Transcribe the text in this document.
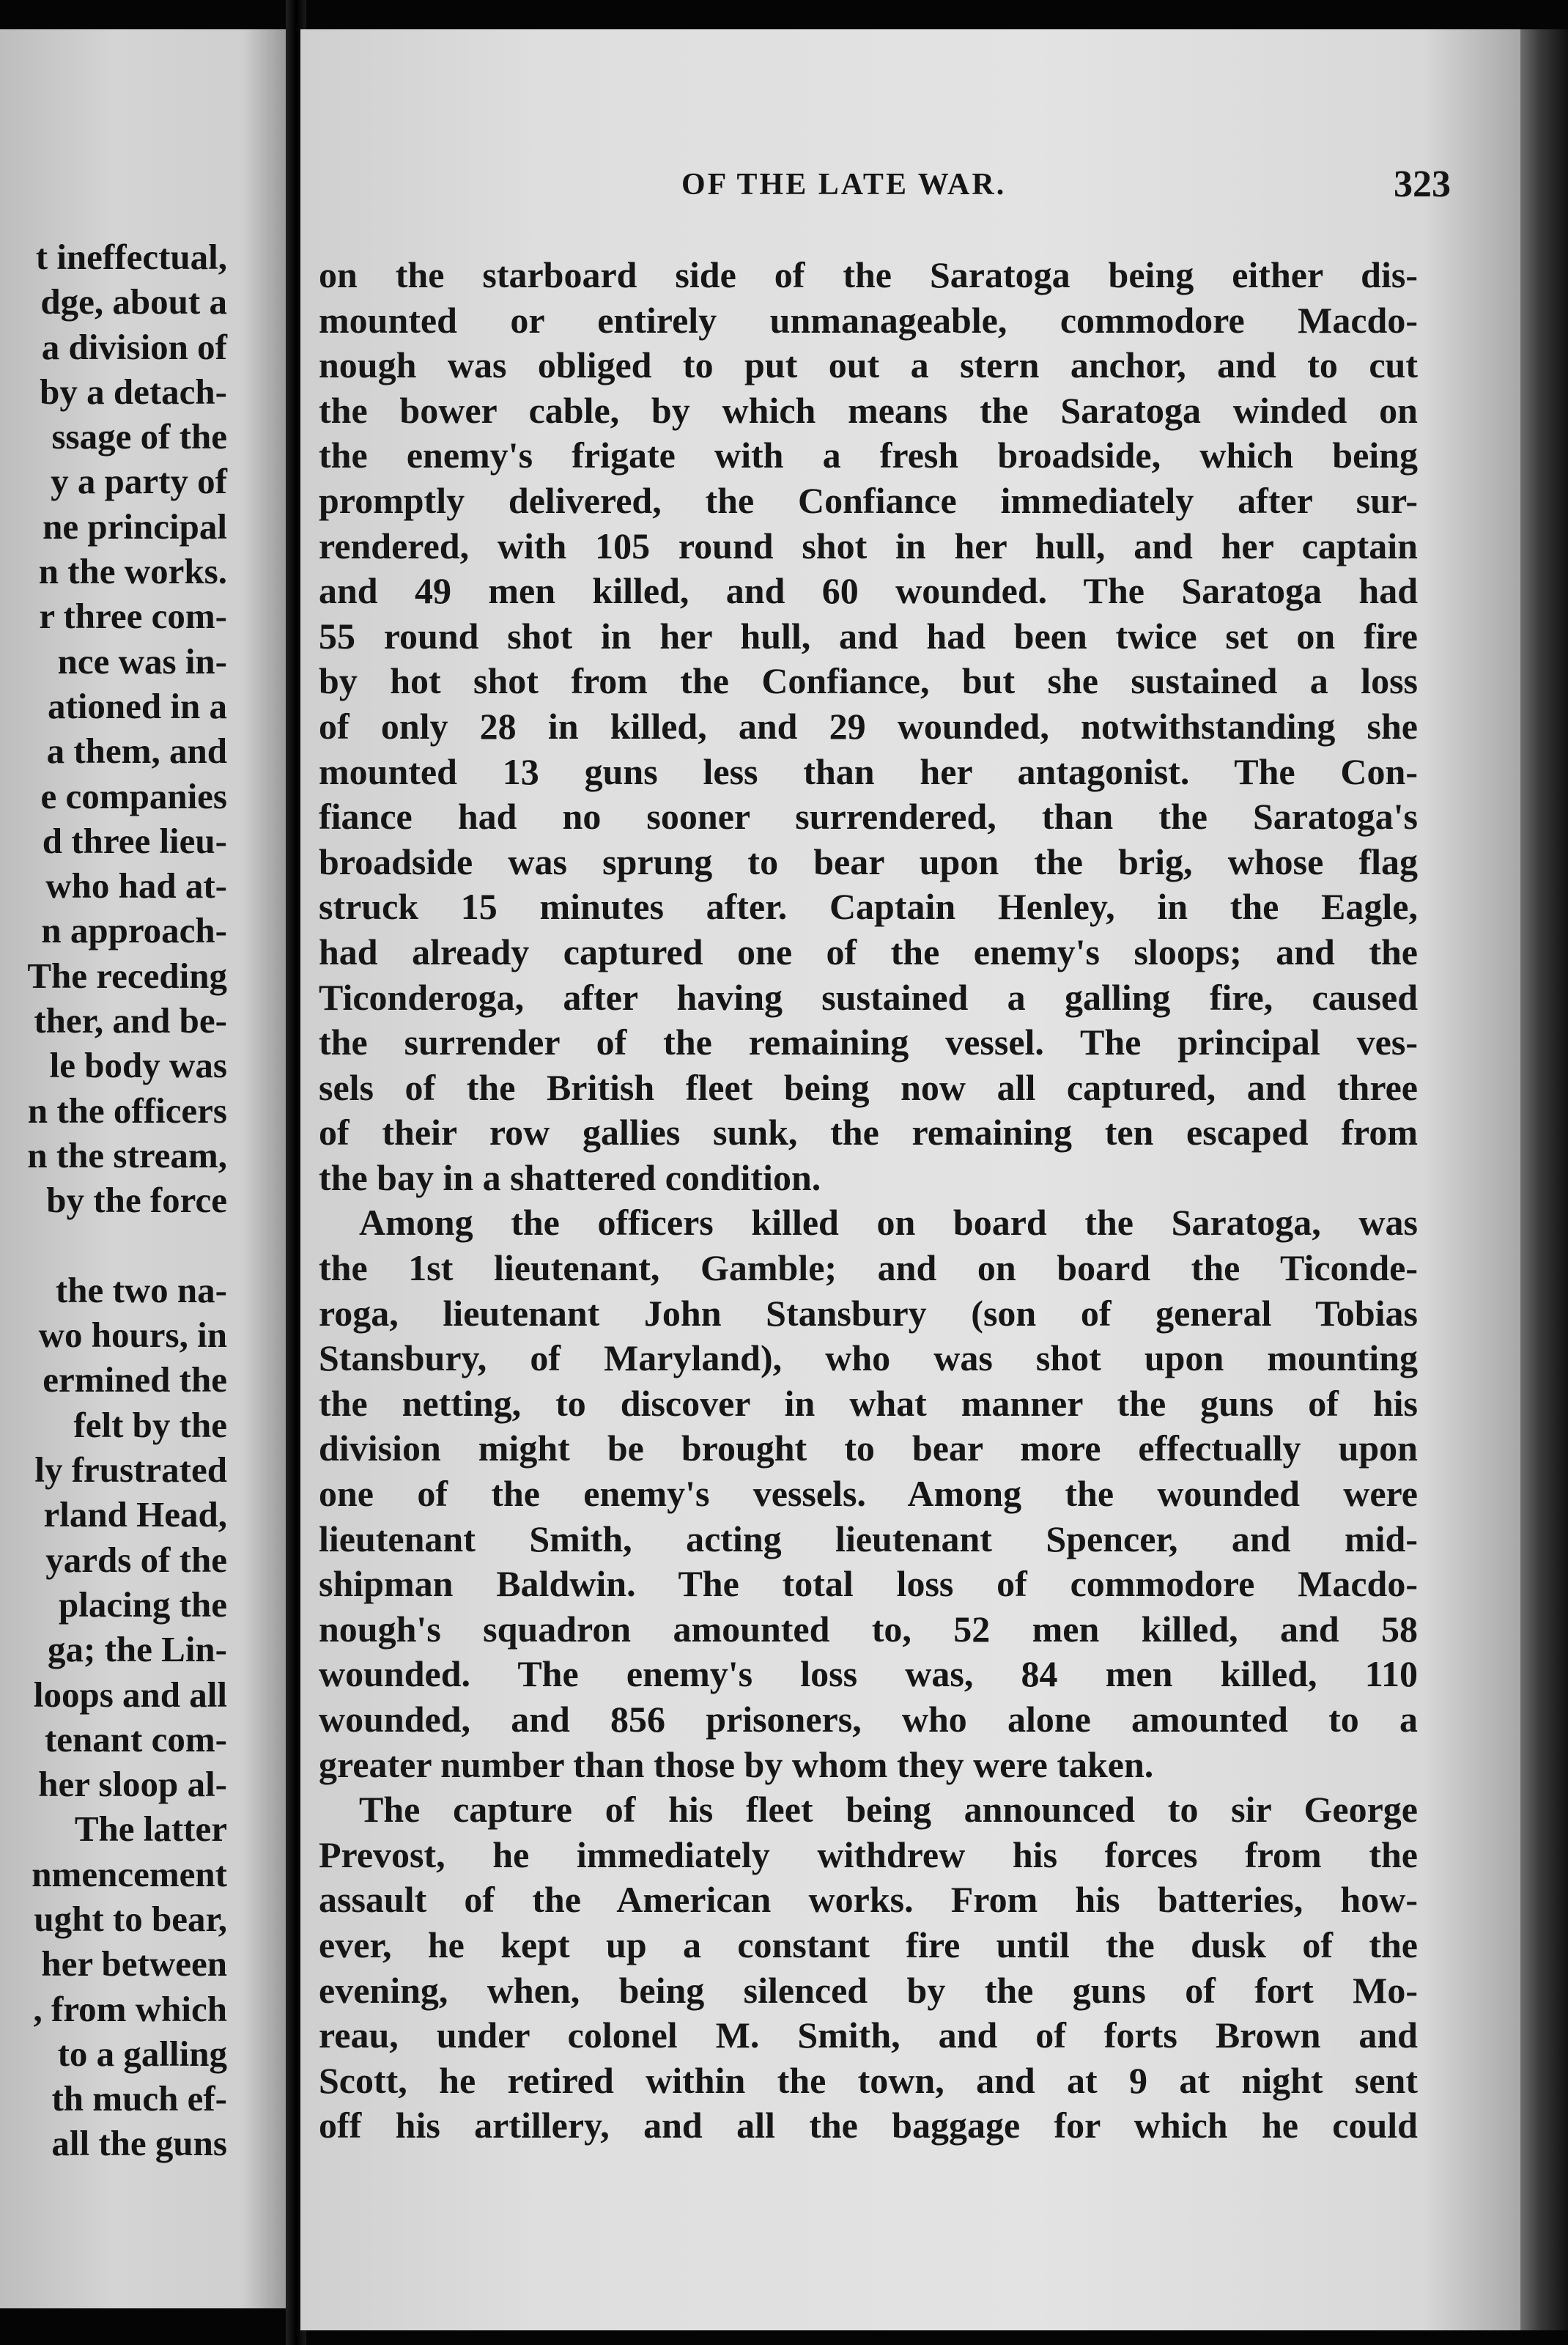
t ineffectual,
dge, about a
a division of
by a detach-
ssage of the
y a party of
ne principal
n the works.
r three com-
nce was in-
ationed in a
a them, and
e companies
d three lieu-
who had at-
n approach-
The receding
ther, and be-
le body was
n the officers
n the stream,
by the force
the two na-
wo hours, in
ermined the
felt by the
ly frustrated
rland Head,
yards of the
placing the
ga; the Lin-
loops and all
tenant com-
her sloop al-
The latter
nmencement
ught to bear,
her between
, from which
to a galling
th much ef-
all the guns
OF THE LATE WAR.	323
on the starboard side of the Saratoga being either dis-
mounted or entirely unmanageable, commodore Macdo-
nough was obliged to put out a stern anchor, and to cut
the bower cable, by which means the Saratoga winded on
the enemy's frigate with a fresh broadside, which being
promptly delivered, the Confiance immediately after sur-
rendered, with 105 round shot in her hull, and her captain
and 49 men killed, and 60 wounded. The Saratoga had
55 round shot in her hull, and had been twice set on fire
by hot shot from the Confiance, but she sustained a loss
of only 28 in killed, and 29 wounded, notwithstanding she
mounted 13 guns less than her antagonist. The Con-
fiance had no sooner surrendered, than the Saratoga's
broadside was sprung to bear upon the brig, whose flag
struck 15 minutes after. Captain Henley, in the Eagle,
had already captured one of the enemy's sloops; and the
Ticonderoga, after having sustained a galling fire, caused
the surrender of the remaining vessel. The principal ves-
sels of the British fleet being now all captured, and three
of their row gallies sunk, the remaining ten escaped from
the bay in a shattered condition.
Among the officers killed on board the Saratoga, was
the 1st lieutenant, Gamble; and on board the Ticonde-
roga, lieutenant John Stansbury (son of general Tobias
Stansbury, of Maryland), who was shot upon mounting
the netting, to discover in what manner the guns of his
division might be brought to bear more effectually upon
one of the enemy's vessels. Among the wounded were
lieutenant Smith, acting lieutenant Spencer, and mid-
shipman Baldwin. The total loss of commodore Macdo-
nough's squadron amounted to, 52 men killed, and 58
wounded. The enemy's loss was, 84 men killed, 110
wounded, and 856 prisoners, who alone amounted to a
greater number than those by whom they were taken.
The capture of his fleet being announced to sir George
Prevost, he immediately withdrew his forces from the
assault of the American works. From his batteries, how-
ever, he kept up a constant fire until the dusk of the
evening, when, being silenced by the guns of fort Mo-
reau, under colonel M. Smith, and of forts Brown and
Scott, he retired within the town, and at 9 at night sent
off his artillery, and all the baggage for which he could
